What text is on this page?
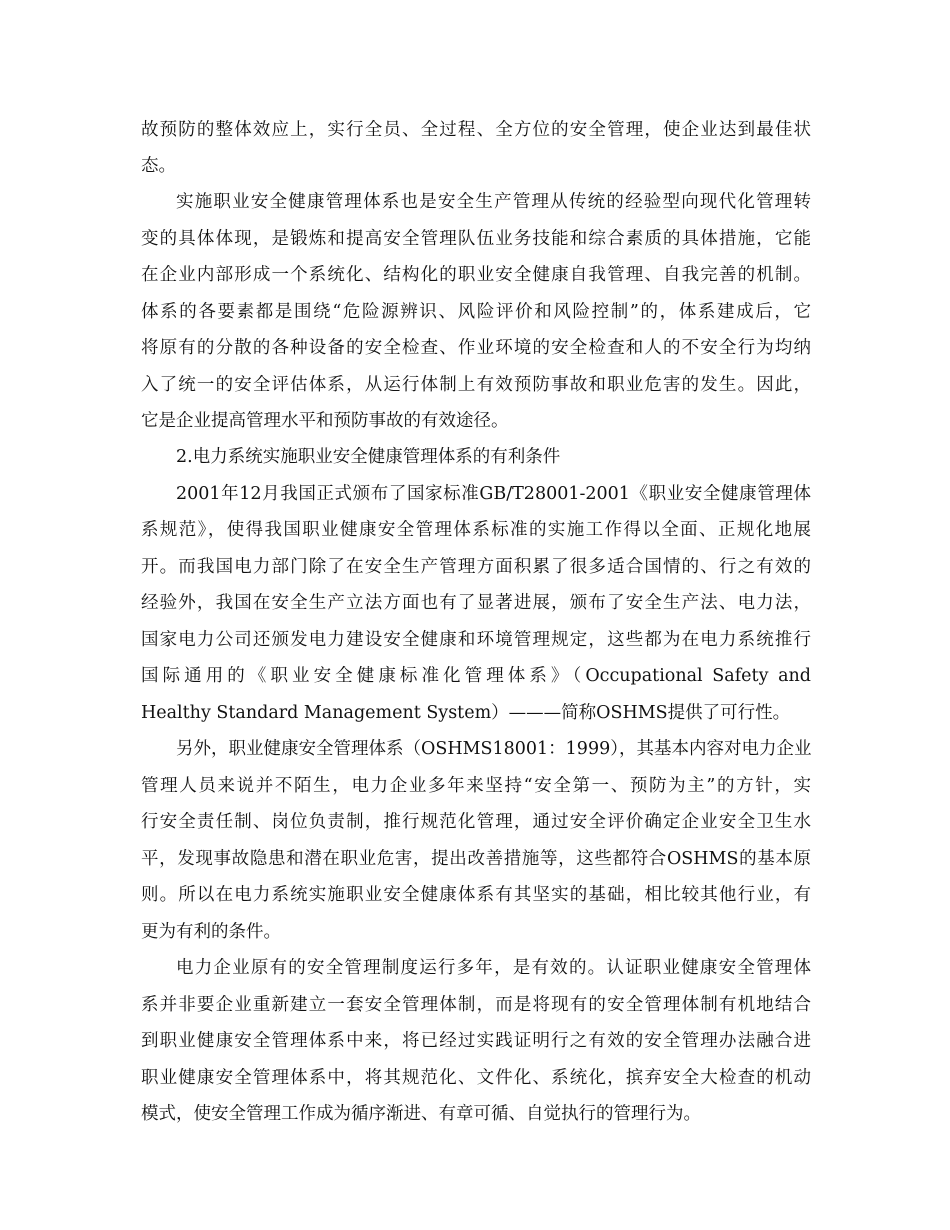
故预防的整体效应上，实行全员、全过程、全方位的安全管理，使企业达到最佳状
态。
实施职业安全健康管理体系也是安全生产管理从传统的经验型向现代化管理转
变的具体体现，是锻炼和提高安全管理队伍业务技能和综合素质的具体措施，它能
在企业内部形成一个系统化、结构化的职业安全健康自我管理、自我完善的机制。
体系的各要素都是围绕“危险源辨识、风险评价和风险控制”的，体系建成后，它
将原有的分散的各种设备的安全检查、作业环境的安全检查和人的不安全行为均纳
入了统一的安全评估体系，从运行体制上有效预防事故和职业危害的发生。因此，
它是企业提高管理水平和预防事故的有效途径。
2.电力系统实施职业安全健康管理体系的有利条件
2001年12月我国正式颁布了国家标准GB/T28001-2001《职业安全健康管理体
系规范》，使得我国职业健康安全管理体系标准的实施工作得以全面、正规化地展
开。而我国电力部门除了在安全生产管理方面积累了很多适合国情的、行之有效的
经验外，我国在安全生产立法方面也有了显著进展，颁布了安全生产法、电力法，
国家电力公司还颁发电力建设安全健康和环境管理规定，这些都为在电力系统推行
国际通用的《职业安全健康标准化管理体系》（Occupational Safety and
Healthy Standard Management System）———简称OSHMS提供了可行性。
另外，职业健康安全管理体系（OSHMS18001：1999），其基本内容对电力企业
管理人员来说并不陌生，电力企业多年来坚持“安全第一、预防为主”的方针，实
行安全责任制、岗位负责制，推行规范化管理，通过安全评价确定企业安全卫生水
平，发现事故隐患和潜在职业危害，提出改善措施等，这些都符合OSHMS的基本原
则。所以在电力系统实施职业安全健康体系有其坚实的基础，相比较其他行业，有
更为有利的条件。
电力企业原有的安全管理制度运行多年，是有效的。认证职业健康安全管理体
系并非要企业重新建立一套安全管理体制，而是将现有的安全管理体制有机地结合
到职业健康安全管理体系中来，将已经过实践证明行之有效的安全管理办法融合进
职业健康安全管理体系中，将其规范化、文件化、系统化，摈弃安全大检查的机动
模式，使安全管理工作成为循序渐进、有章可循、自觉执行的管理行为。
